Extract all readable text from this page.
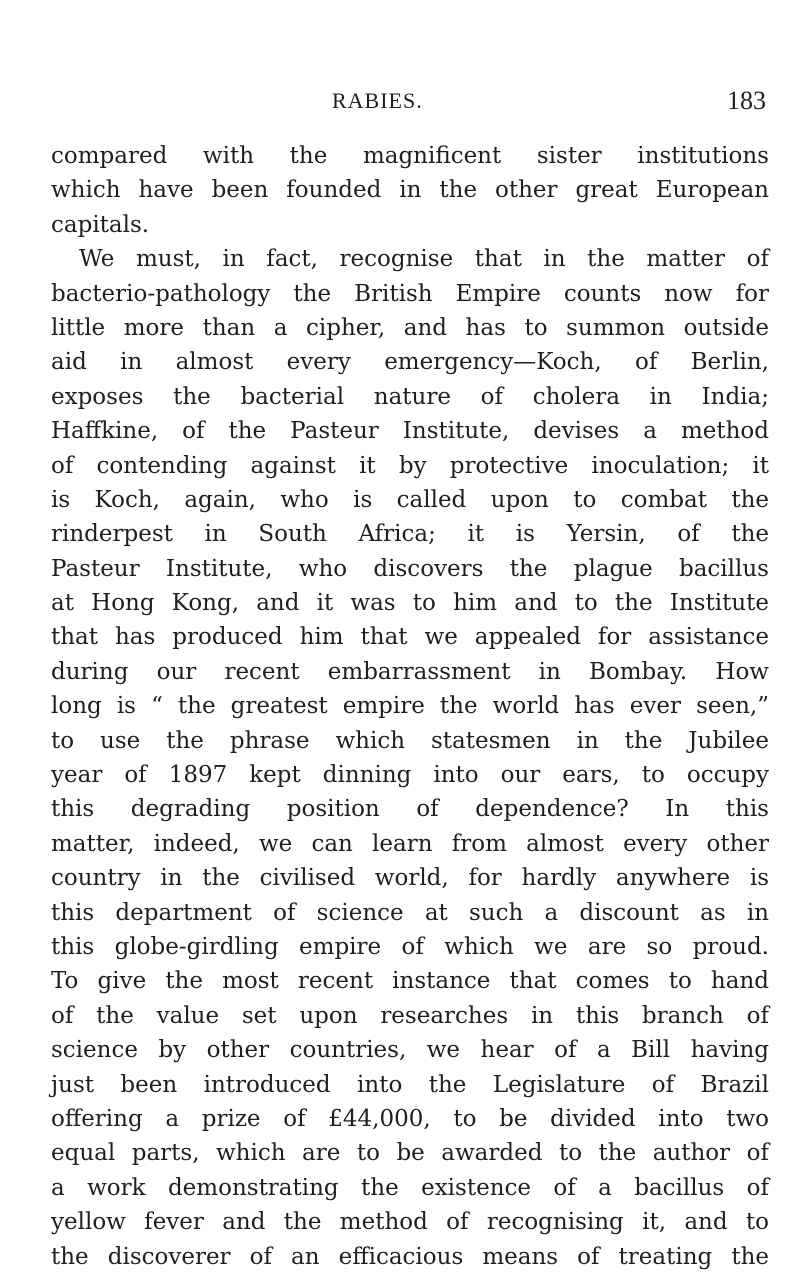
RABIES.	183
compared with the magnificent sister institutions
which have been founded in the other great European
capitals.
We must, in fact, recognise that in the matter of
bacterio-pathology the British Empire counts now for
little more than a cipher, and has to summon outside
aid in almost every emergency—Koch, of Berlin,
exposes the bacterial nature of cholera in India;
Haffkine, of the Pasteur Institute, devises a method
of contending against it by protective inoculation; it
is Koch, again, who is called upon to combat the
rinderpest in South Africa; it is Yersin, of the
Pasteur Institute, who discovers the plague bacillus
at Hong Kong, and it was to him and to the Institute
that has produced him that we appealed for assistance
during our recent embarrassment in Bombay. How
long is “ the greatest empire the world has ever seen,”
to use the phrase which statesmen in the Jubilee
year of 1897 kept dinning into our ears, to occupy
this degrading position of dependence? In this
matter, indeed, we can learn from almost every other
country in the civilised world, for hardly anywhere is
this department of science at such a discount as in
this globe-girdling empire of which we are so proud.
To give the most recent instance that comes to hand
of the value set upon researches in this branch of
science by other countries, we hear of a Bill having
just been introduced into the Legislature of Brazil
offering a prize of £44,000, to be divided into two
equal parts, which are to be awarded to the author of
a work demonstrating the existence of a bacillus of
yellow fever and the method of recognising it, and to
the discoverer of an efficacious means of treating the
